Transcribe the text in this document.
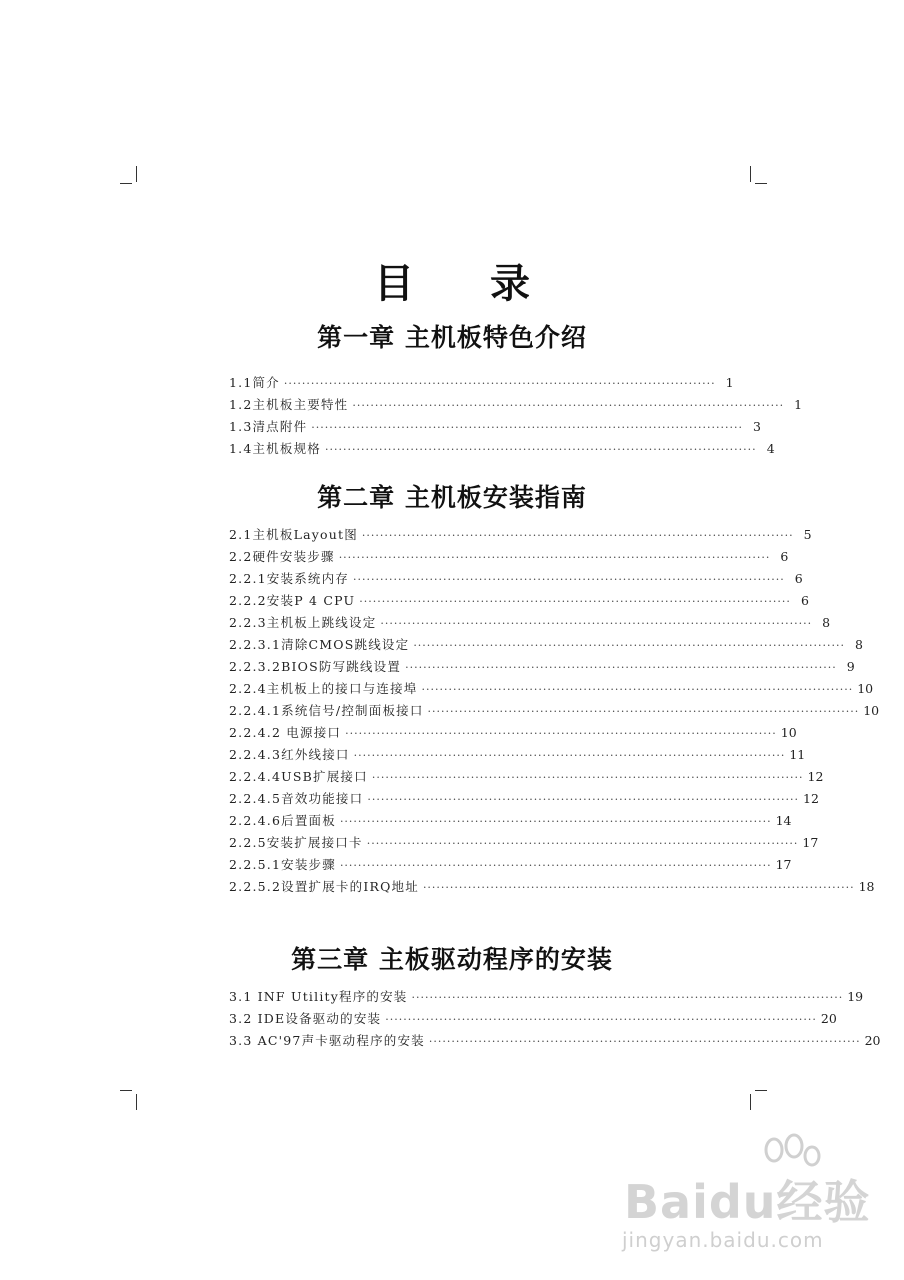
目 录
第一章 主机板特色介绍
1.1简介 ································································································ 1
1.2主机板主要特性 ································································································ 1
1.3清点附件 ································································································ 3
1.4主机板规格 ································································································ 4
第二章 主机板安装指南
2.1主机板Layout图 ································································································ 5
2.2硬件安装步骤 ································································································ 6
2.2.1安装系统内存 ································································································ 6
2.2.2安装P 4 CPU ································································································ 6
2.2.3主机板上跳线设定 ································································································ 8
2.2.3.1清除CMOS跳线设定 ································································································ 8
2.2.3.2BIOS防写跳线设置 ································································································ 9
2.2.4主机板上的接口与连接埠 ································································································ 10
2.2.4.1系统信号/控制面板接口 ································································································ 10
2.2.4.2 电源接口 ································································································ 10
2.2.4.3红外线接口 ································································································ 11
2.2.4.4USB扩展接口 ································································································ 12
2.2.4.5音效功能接口 ································································································ 12
2.2.4.6后置面板 ································································································ 14
2.2.5安装扩展接口卡 ································································································ 17
2.2.5.1安装步骤 ································································································ 17
2.2.5.2设置扩展卡的IRQ地址 ································································································ 18
第三章 主板驱动程序的安装
3.1 INF Utility程序的安装 ································································································ 19
3.2 IDE设备驱动的安装 ································································································ 20
3.3 AC'97声卡驱动程序的安装 ································································································ 20
Baidu经验
jingyan.baidu.com
